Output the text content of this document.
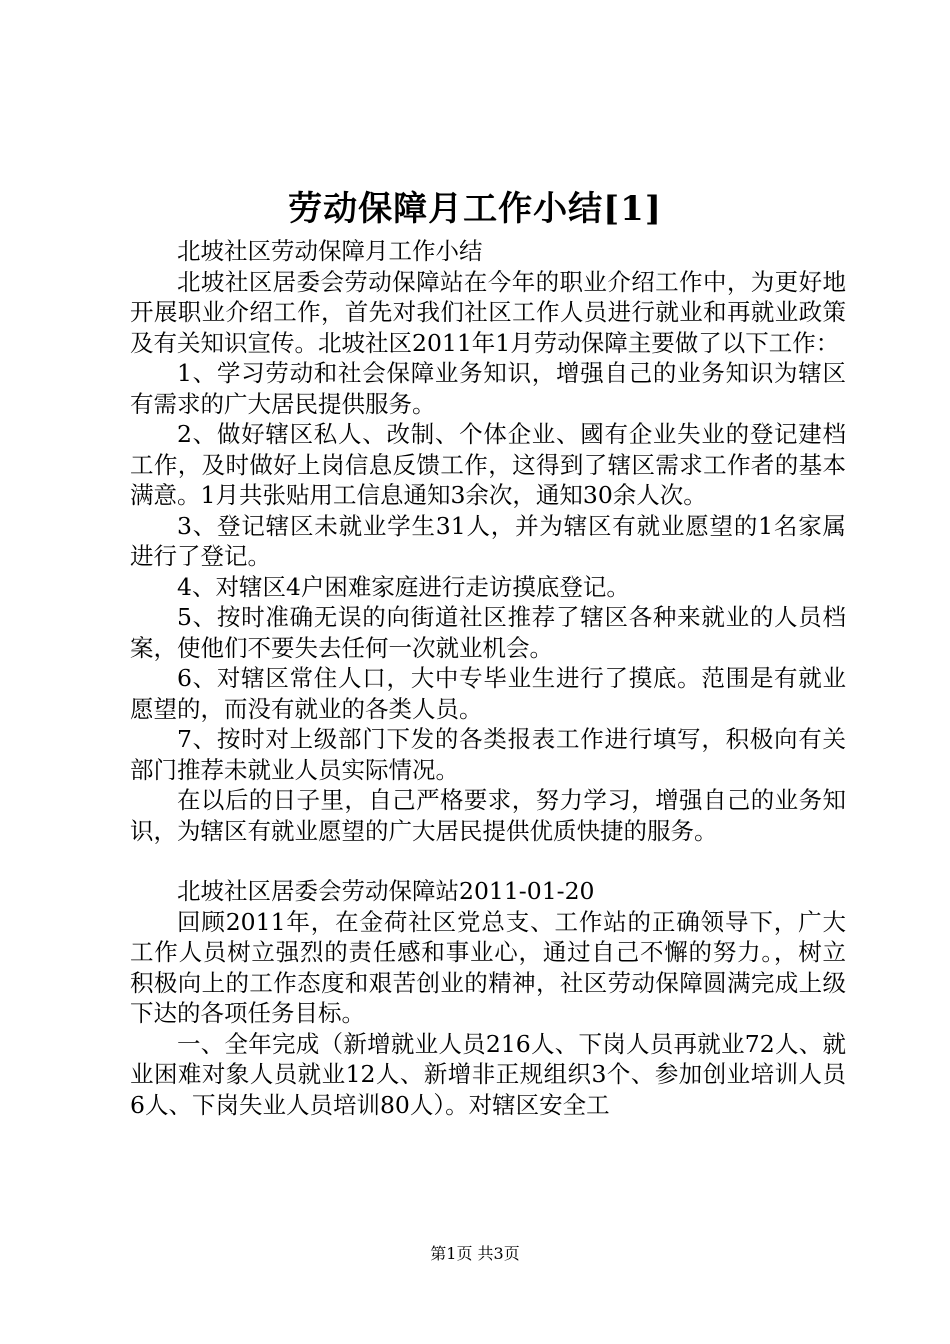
劳动保障月工作小结[1]

北坡社区劳动保障月工作小结

北坡社区居委会劳动保障站在今年的职业介绍工作中，为更好地开展职业介绍工作，首先对我们社区工作人员进行就业和再就业政策及有关知识宣传。北坡社区2011年1月劳动保障主要做了以下工作：

1、学习劳动和社会保障业务知识，增强自己的业务知识为辖区有需求的广大居民提供服务。

2、做好辖区私人、改制、个体企业、國有企业失业的登记建档工作，及时做好上岗信息反馈工作，这得到了辖区需求工作者的基本满意。1月共张贴用工信息通知3余次，通知30余人次。

3、登记辖区未就业学生31人，并为辖区有就业愿望的1名家属进行了登记。

4、对辖区4户困难家庭进行走访摸底登记。

5、按时准确无误的向街道社区推荐了辖区各种来就业的人员档案，使他们不要失去任何一次就业机会。

6、对辖区常住人口，大中专毕业生进行了摸底。范围是有就业愿望的，而没有就业的各类人员。

7、按时对上级部门下发的各类报表工作进行填写，积极向有关部门推荐未就业人员实际情况。

在以后的日子里，自己严格要求，努力学习，增强自己的业务知识，为辖区有就业愿望的广大居民提供优质快捷的服务。

北坡社区居委会劳动保障站2011-01-20

回顾2011年，在金荷社区党总支、工作站的正确领导下，广大工作人员树立强烈的责任感和事业心，通过自己不懈的努力。，树立积极向上的工作态度和艰苦创业的精神，社区劳动保障圆满完成上级下达的各项任务目标。

一、全年完成（新增就业人员216人、下岗人员再就业72人、就业困难对象人员就业12人、新增非正规组织3个、参加创业培训人员6人、下岗失业人员培训80人）。对辖区安全工

第1页 共3页
